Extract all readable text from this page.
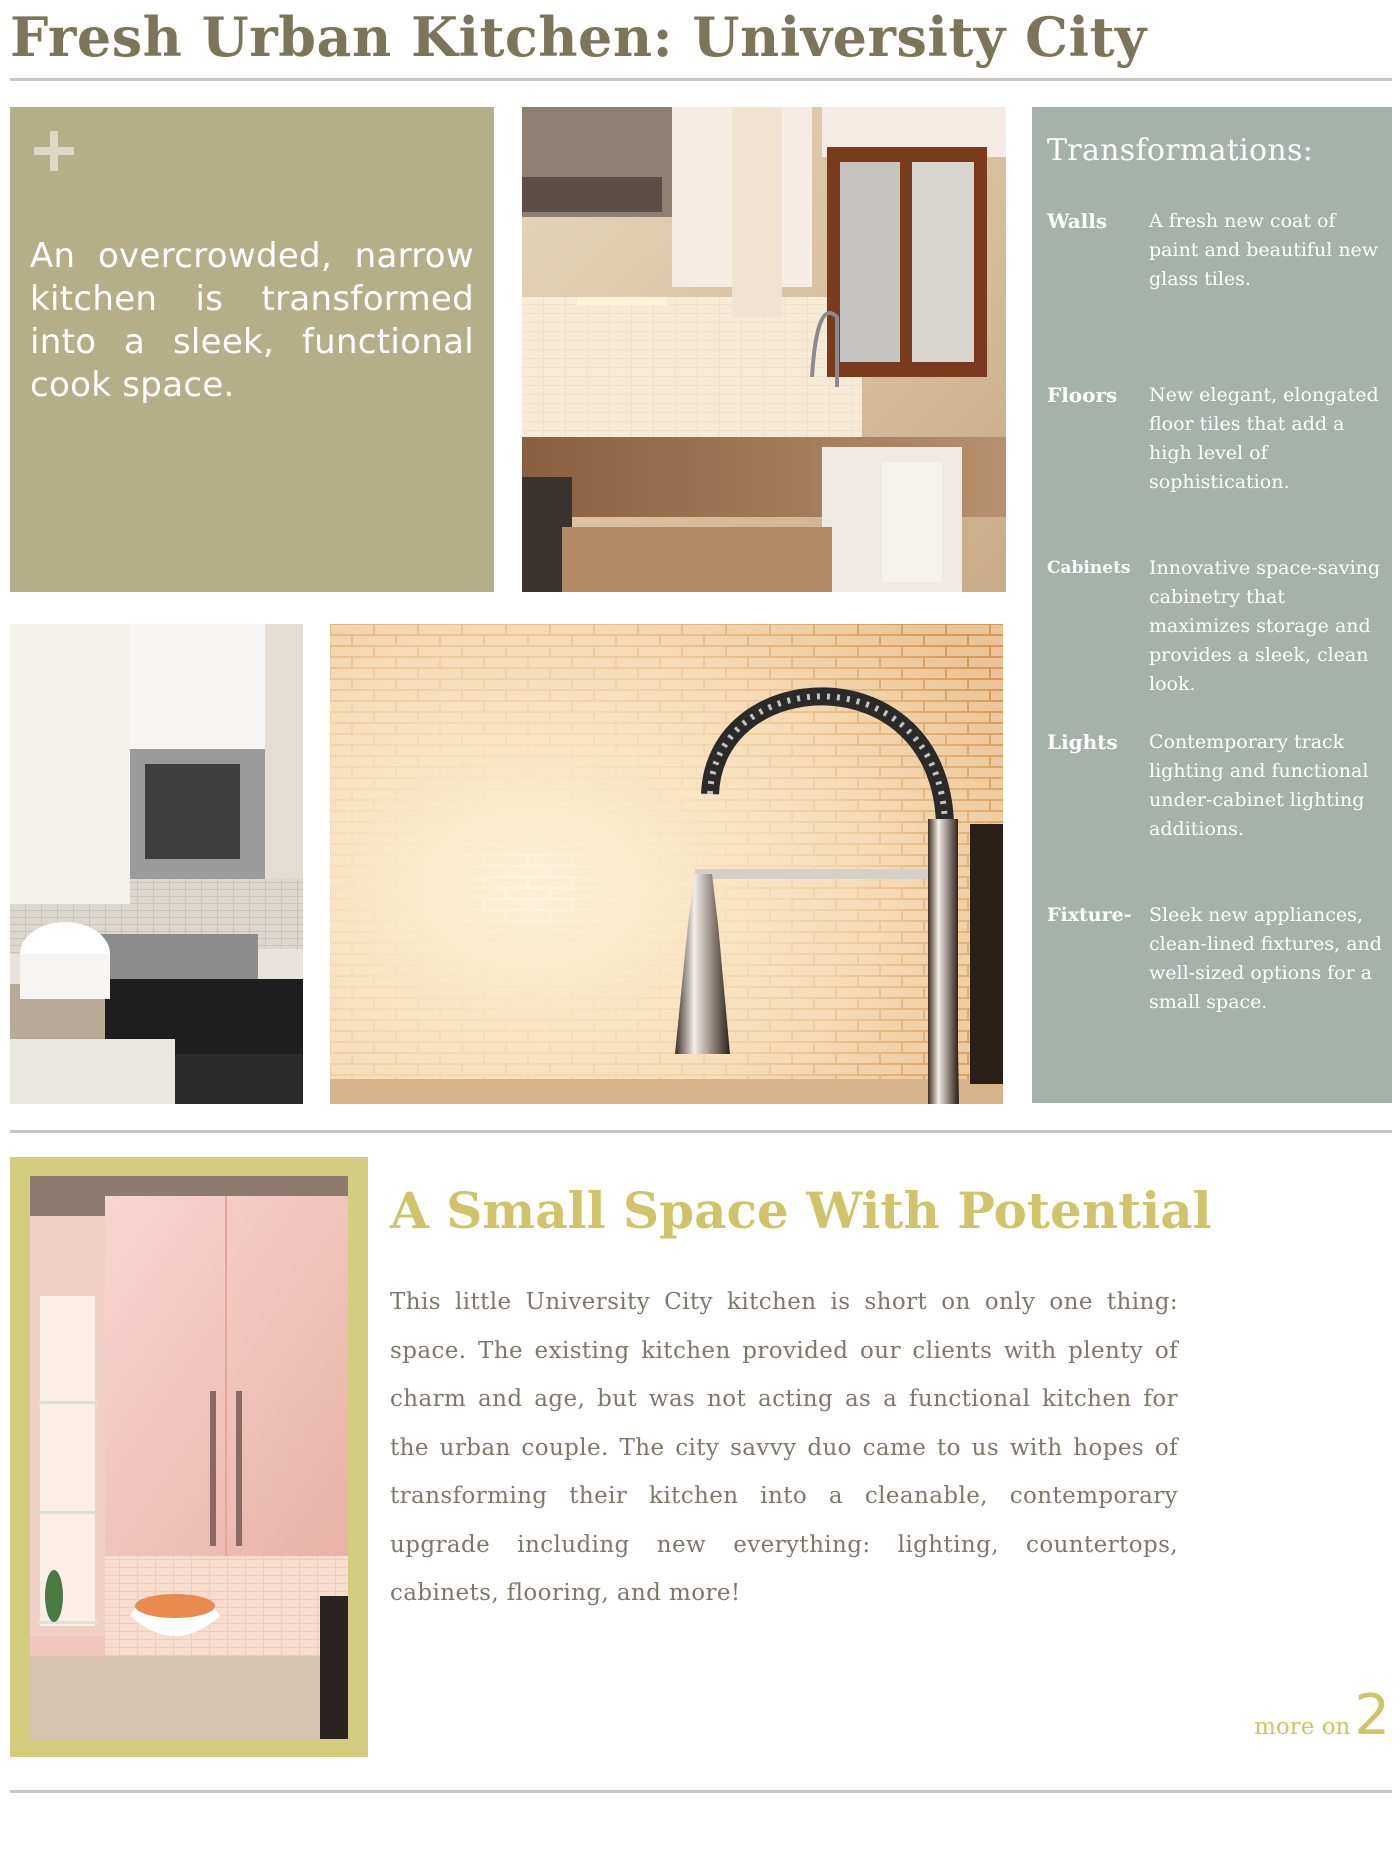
Fresh Urban Kitchen: University City

An overcrowded, narrow kitchen is transformed into a sleek, functional cook space.

Transformations:
Walls	A fresh new coat of paint and beautiful new glass tiles.
Floors	New elegant, elongated floor tiles that add a high level of sophistication.
Cabinets Innovative space-saving cabinetry that maximizes storage and provides a sleek, clean look.
Lights	Contemporary track lighting and functional under-cabinet lighting additions.
Fixture- Sleek new appliances, clean-lined fixtures, and well-sized options for a small space.
A Small Space With Potential

This little University City kitchen is short on only one thing: space. The existing kitchen provided our clients with plenty of charm and age, but was not acting as a functional kitchen for the urban couple. The city savvy duo came to us with hopes of transforming their kitchen into a cleanable, contemporary upgrade including new everything: lighting, countertops, cabinets, flooring, and more!

more on2
